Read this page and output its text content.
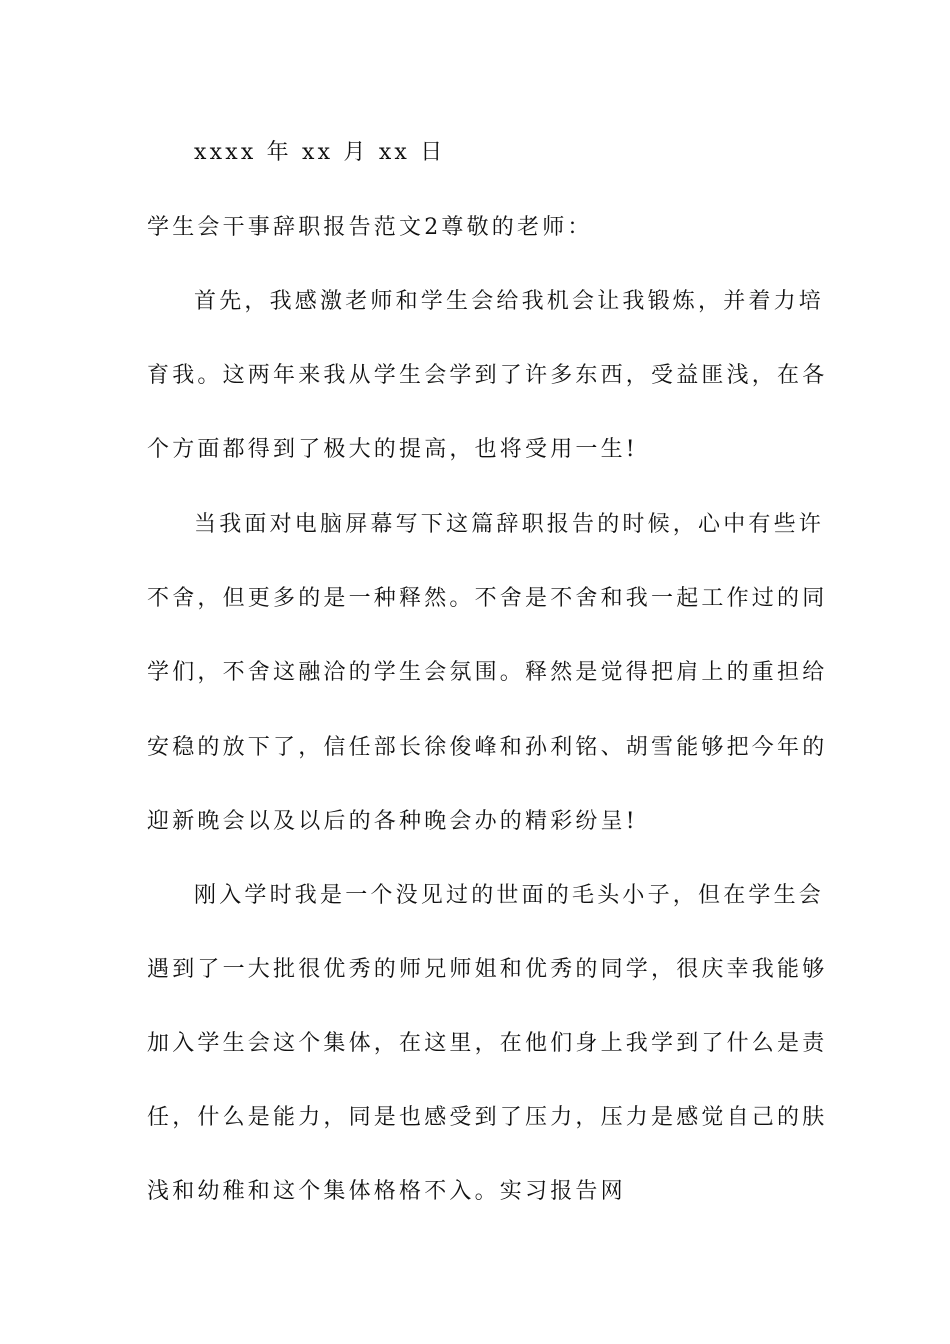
xxxx 年 xx 月 xx 日
学生会干事辞职报告范文2尊敬的老师：
首先，我感激老师和学生会给我机会让我锻炼，并着力培
育我。这两年来我从学生会学到了许多东西，受益匪浅，在各
个方面都得到了极大的提高，也将受用一生!
当我面对电脑屏幕写下这篇辞职报告的时候，心中有些许
不舍，但更多的是一种释然。不舍是不舍和我一起工作过的同
学们，不舍这融洽的学生会氛围。释然是觉得把肩上的重担给
安稳的放下了，信任部长徐俊峰和孙利铭、胡雪能够把今年的
迎新晚会以及以后的各种晚会办的精彩纷呈!
刚入学时我是一个没见过的世面的毛头小子，但在学生会
遇到了一大批很优秀的师兄师姐和优秀的同学，很庆幸我能够
加入学生会这个集体，在这里，在他们身上我学到了什么是责
任，什么是能力，同是也感受到了压力，压力是感觉自己的肤
浅和幼稚和这个集体格格不入。实习报告网
